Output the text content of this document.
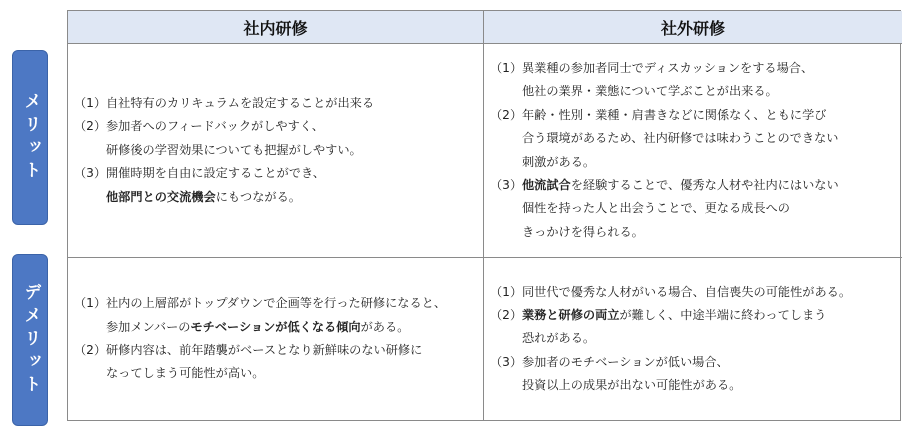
メリット
デメリット
社内研修	社外研修
（1）自社特有のカリキュラムを設定することが出来る
（2）参加者へのフィードバックがしやすく、
研修後の学習効果についても把握がしやすい。
（3）開催時期を自由に設定することができ、
他部門との交流機会にもつながる。
（1）異業種の参加者同士でディスカッションをする場合、
他社の業界・業態について学ぶことが出来る。
（2）年齢・性別・業種・肩書きなどに関係なく、ともに学び
合う環境があるため、社内研修では味わうことのできない
刺激がある。
（3）他流試合を経験することで、優秀な人材や社内にはいない
個性を持った人と出会うことで、更なる成長への
きっかけを得られる。
（1）社内の上層部がトップダウンで企画等を行った研修になると、
参加メンバーのモチベーションが低くなる傾向がある。
（2）研修内容は、前年踏襲がベースとなり新鮮味のない研修に
なってしまう可能性が高い。
（1）同世代で優秀な人材がいる場合、自信喪失の可能性がある。
（2）業務と研修の両立が難しく、中途半端に終わってしまう
恐れがある。
（3）参加者のモチベーションが低い場合、
投資以上の成果が出ない可能性がある。
